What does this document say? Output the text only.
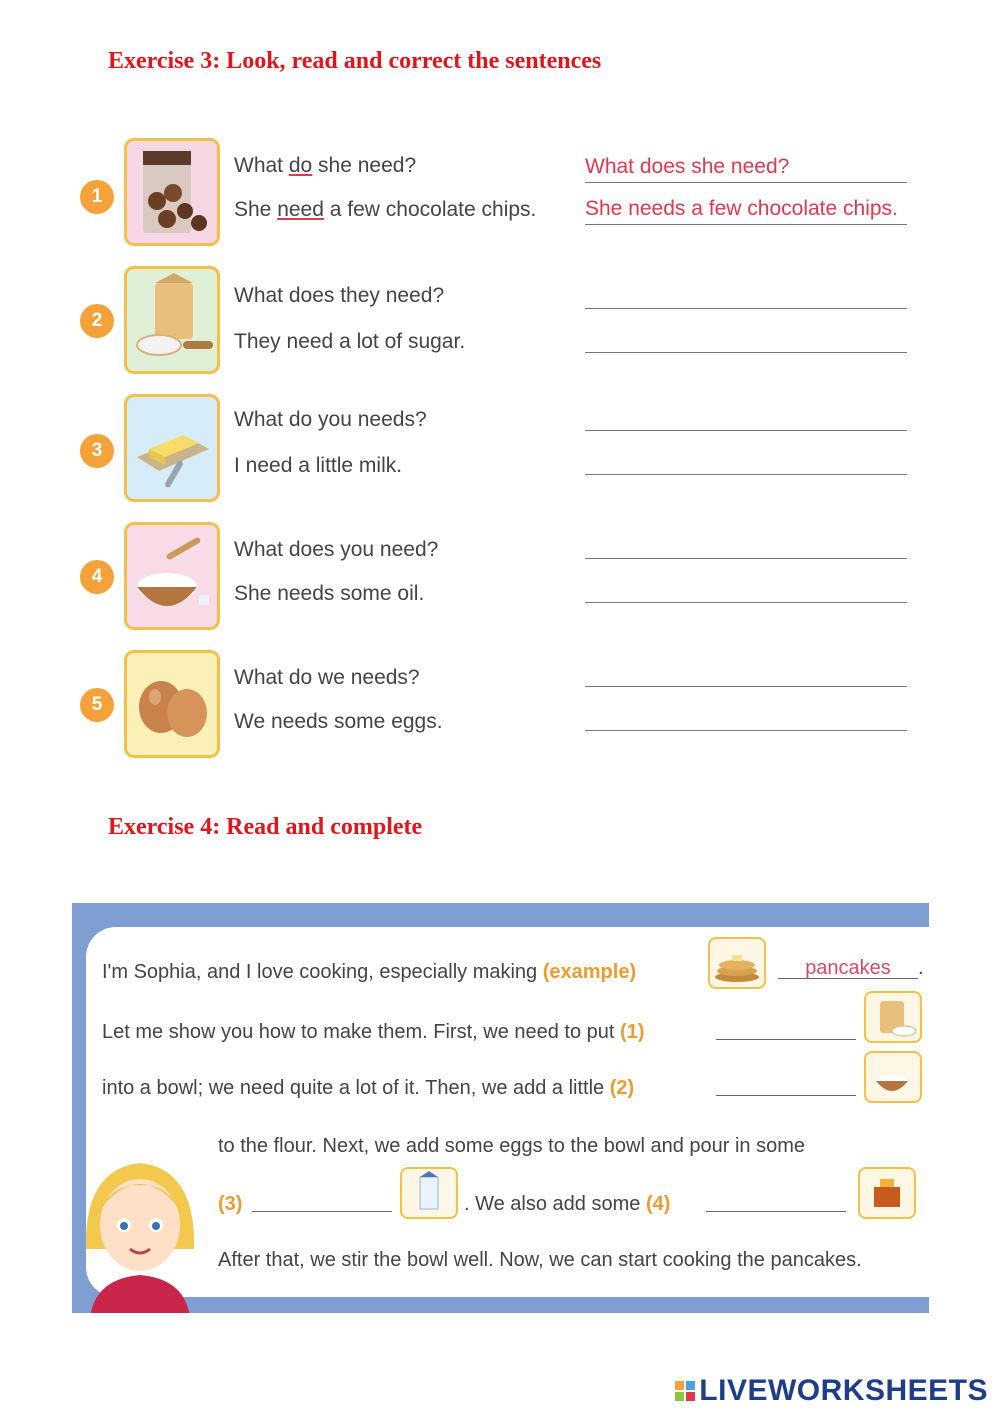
Exercise 3: Look, read and correct the sentences
1
What do she need?
She need a few chocolate chips.
What does she need?
She needs a few chocolate chips.
2
What does they need?
They need a lot of sugar.
3
What do you needs?
I need a little milk.
4
What does you need?
She needs some oil.
5
What do we needs?
We needs some eggs.
Exercise 4: Read and complete
I'm Sophia, and I love cooking, especially making (example)	pancakes .
Let me show you how to make them. First, we need to put (1)
into a bowl; we need quite a lot of it. Then, we add a little (2)
to the flour. Next, we add some eggs to the bowl and pour in some
(3)	. We also add some (4)
After that, we stir the bowl well. Now, we can start cooking the pancakes.
LIVEWORKSHEETS
